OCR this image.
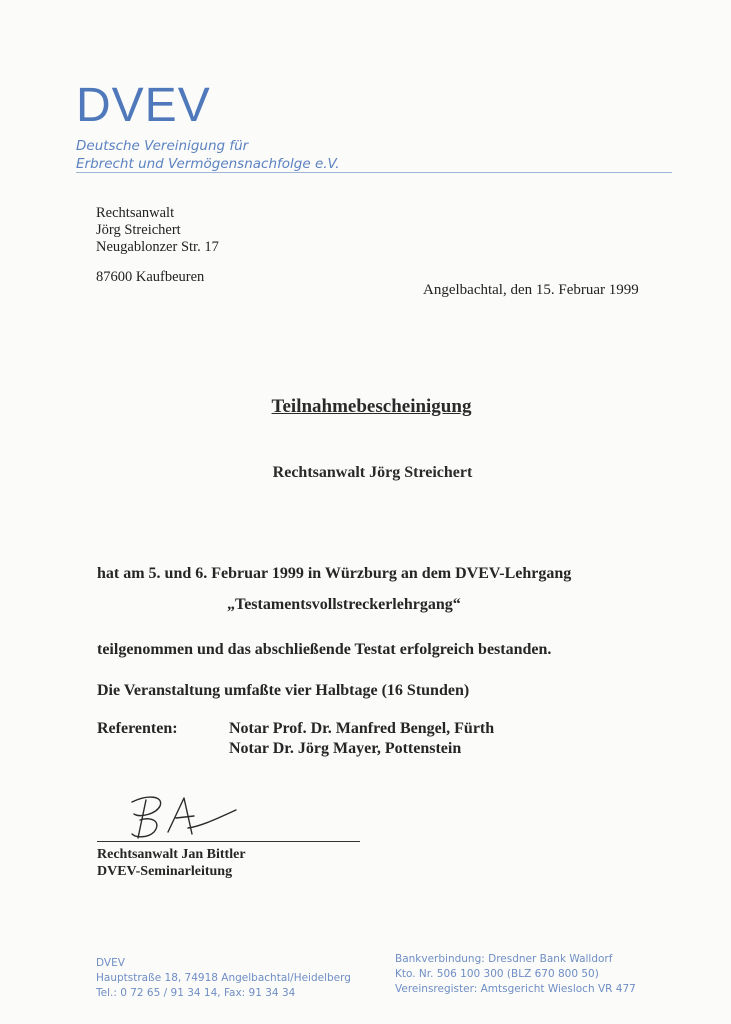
DVEV
Deutsche Vereinigung für
Erbrecht und Vermögensnachfolge e.V.
Rechtsanwalt
Jörg Streichert
Neugablonzer Str. 17
87600 Kaufbeuren
Angelbachtal, den 15. Februar 1999
Teilnahmebescheinigung
Rechtsanwalt Jörg Streichert
hat am 5. und 6. Februar 1999 in Würzburg an dem DVEV-Lehrgang
„Testamentsvollstreckerlehrgang“
teilgenommen und das abschließende Testat erfolgreich bestanden.
Die Veranstaltung umfaßte vier Halbtage (16 Stunden)
Referenten:	Notar Prof. Dr. Manfred Bengel, Fürth
Notar Dr. Jörg Mayer, Pottenstein
Rechtsanwalt Jan Bittler
DVEV-Seminarleitung
DVEV
Hauptstraße 18, 74918 Angelbachtal/Heidelberg
Tel.: 0 72 65 / 91 34 14, Fax: 91 34 34
Bankverbindung: Dresdner Bank Walldorf
Kto. Nr. 506 100 300 (BLZ 670 800 50)
Vereinsregister: Amtsgericht Wiesloch VR 477
